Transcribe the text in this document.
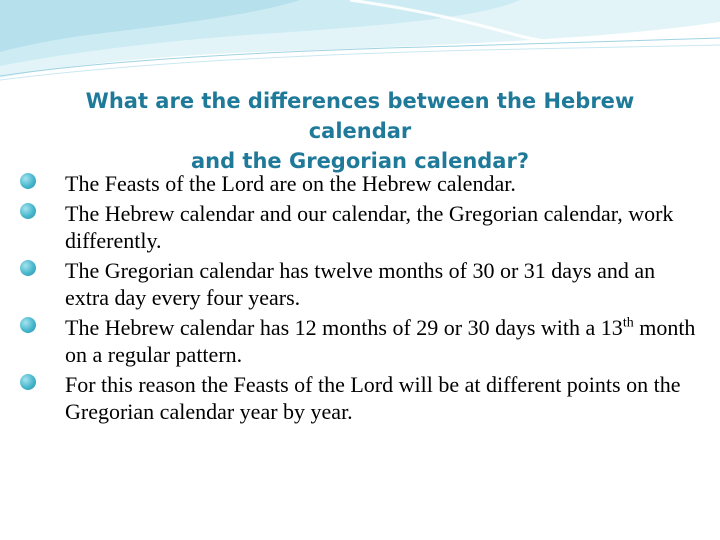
What are the differences between the Hebrew
calendar
and the Gregorian calendar?
The Feasts of the Lord are on the Hebrew calendar.
The Hebrew calendar and our calendar, the Gregorian calendar, work differently.
The Gregorian calendar has twelve months of 30 or 31 days and an extra day every four years.
The Hebrew calendar has 12 months of 29 or 30 days with a 13th month on a regular pattern.
For this reason the Feasts of the Lord will be at different points on the Gregorian calendar year by year.
